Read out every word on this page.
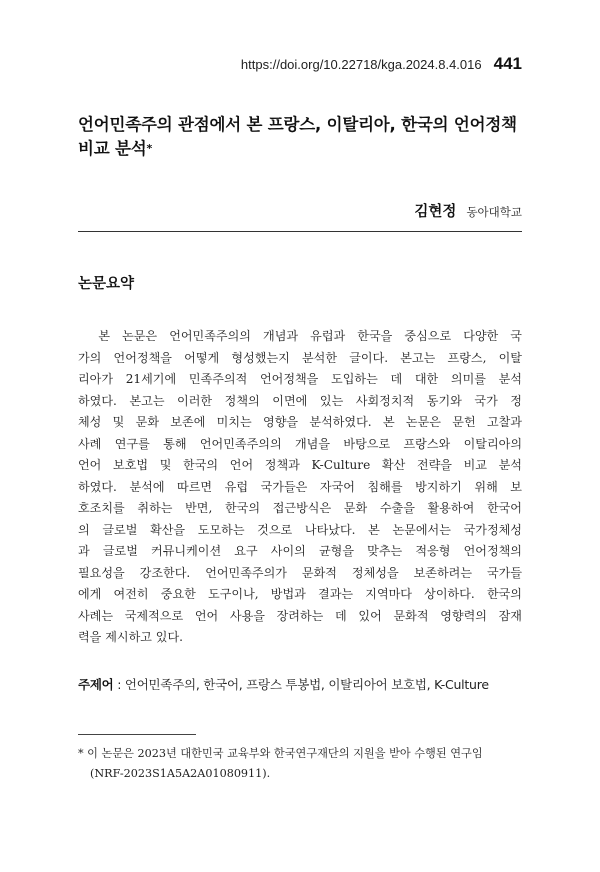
https://doi.org/10.22718/kga.2024.8.4.016 441
언어민족주의 관점에서 본 프랑스, 이탈리아, 한국의 언어정책
비교 분석*
김현정 동아대학교
논문요약
　본 논문은 언어민족주의의 개념과 유럽과 한국을 중심으로 다양한 국
가의 언어정책을 어떻게 형성했는지 분석한 글이다. 본고는 프랑스, 이탈
리아가 21세기에 민족주의적 언어정책을 도입하는 데 대한 의미를 분석
하였다. 본고는 이러한 정책의 이면에 있는 사회정치적 동기와 국가 정
체성 및 문화 보존에 미치는 영향을 분석하였다. 본 논문은 문헌 고찰과
사례 연구를 통해 언어민족주의의 개념을 바탕으로 프랑스와 이탈리아의
언어 보호법 및 한국의 언어 정책과 K-Culture 확산 전략을 비교 분석
하였다. 분석에 따르면 유럽 국가들은 자국어 침해를 방지하기 위해 보
호조치를 취하는 반면, 한국의 접근방식은 문화 수출을 활용하여 한국어
의 글로벌 확산을 도모하는 것으로 나타났다. 본 논문에서는 국가정체성
과 글로벌 커뮤니케이션 요구 사이의 균형을 맞추는 적응형 언어정책의
필요성을 강조한다. 언어민족주의가 문화적 정체성을 보존하려는 국가들
에게 여전히 중요한 도구이나, 방법과 결과는 지역마다 상이하다. 한국의
사례는 국제적으로 언어 사용을 장려하는 데 있어 문화적 영향력의 잠재
력을 제시하고 있다.
주제어 : 언어민족주의, 한국어, 프랑스 투봉법, 이탈리아어 보호법, K-Culture
* 이 논문은 2023년 대한민국 교육부와 한국연구재단의 지원을 받아 수행된 연구임
(NRF-2023S1A5A2A01080911).
